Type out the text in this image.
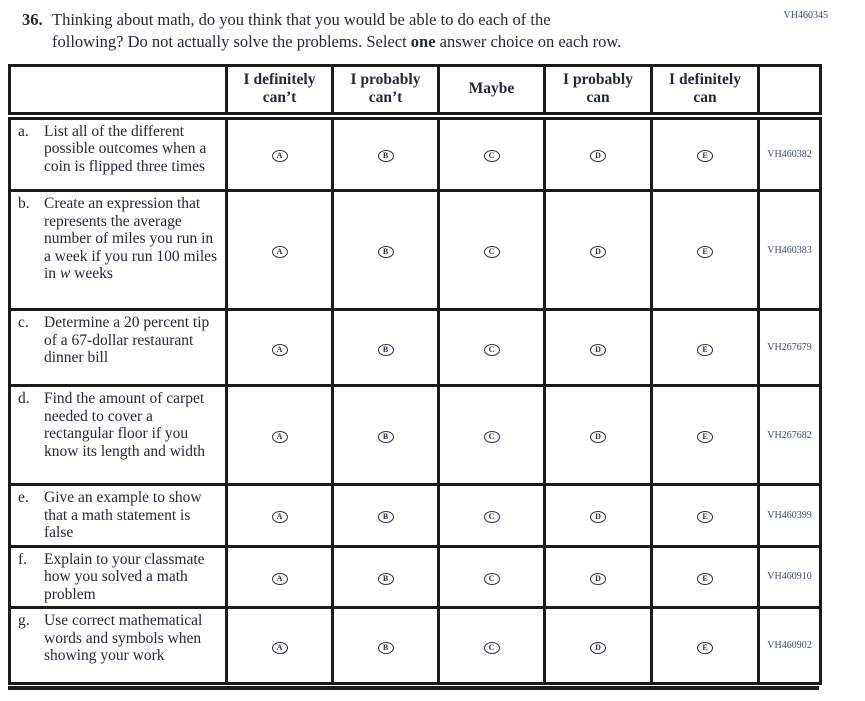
VH460345
36. Thinking about math, do you think that you would be able to do each of the
following? Do not actually solve the problems. Select one answer choice on each row.
	I definitely can’t	I probably can’t	Maybe	I probably can	I definitely can	

a. List all of the different possible outcomes when a coin is flipped three times	A	B	C	D	E	VH460382

b. Create an expression that represents the average number of miles you run in a week if you run 100 miles in w weeks	A	B	C	D	E	VH460383

c. Determine a 20 percent tip of a 67-dollar restaurant dinner bill	A	B	C	D	E	VH267679

d. Find the amount of carpet needed to cover a rectangular floor if you know its length and width	A	B	C	D	E	VH267682

e. Give an example to show that a math statement is false	A	B	C	D	E	VH460399

f. Explain to your classmate how you solved a math problem	A	B	C	D	E	VH460910

g. Use correct mathematical words and symbols when showing your work	A	B	C	D	E	VH460902
